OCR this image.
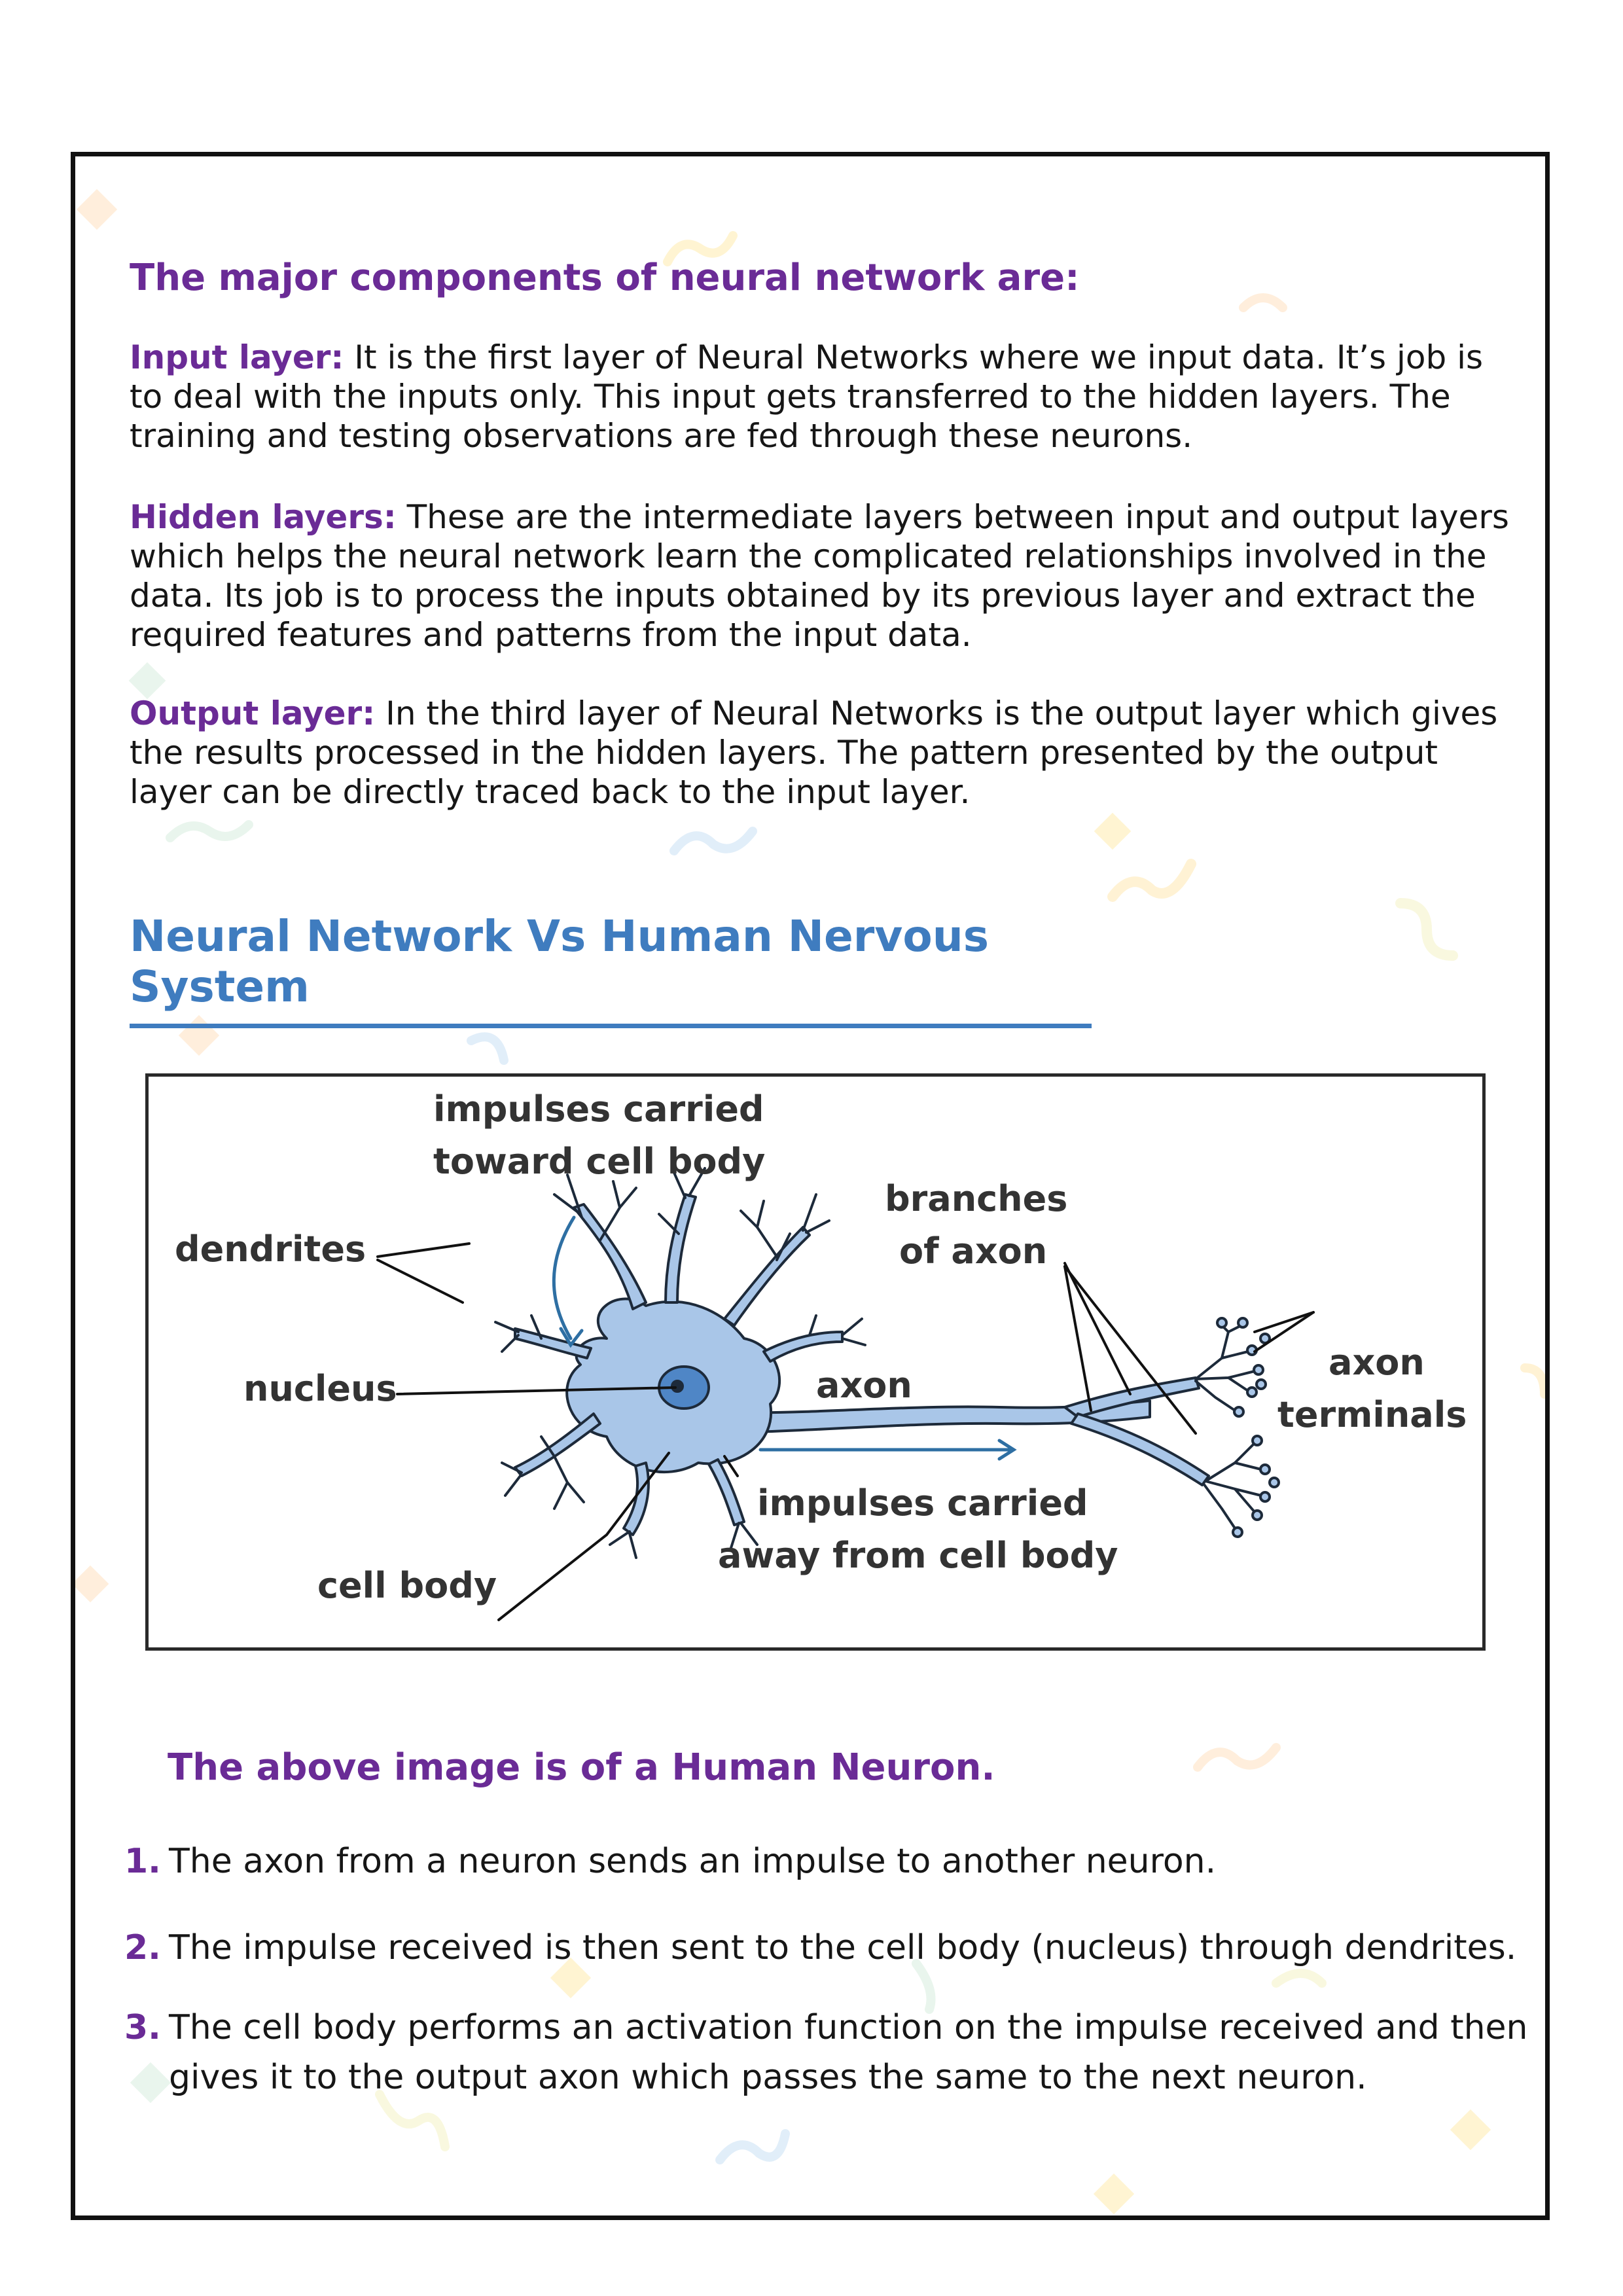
The major components of neural network are:

Input layer: It is the first layer of Neural Networks where we input data. It’s job is to deal with the inputs only. This input gets transferred to the hidden layers. The training and testing observations are fed through these neurons.

Hidden layers: These are the intermediate layers between input and output layers which helps the neural network learn the complicated relationships involved in the data. Its job is to process the inputs obtained by its previous layer and extract the required features and patterns from the input data.

Output layer: In the third layer of Neural Networks is the output layer which gives the results processed in the hidden layers. The pattern presented by the output layer can be directly traced back to the input layer.

Neural Network Vs Human Nervous System
impulses carried
toward cell body
dendrites
nucleus
cell body
branches
of axon
axon
axon
terminals
impulses carried
away from cell body
The above image is of a Human Neuron.
1. The axon from a neuron sends an impulse to another neuron.
2. The impulse received is then sent to the cell body (nucleus) through dendrites.
3. The cell body performs an activation function on the impulse received and then gives it to the output axon which passes the same to the next neuron.
